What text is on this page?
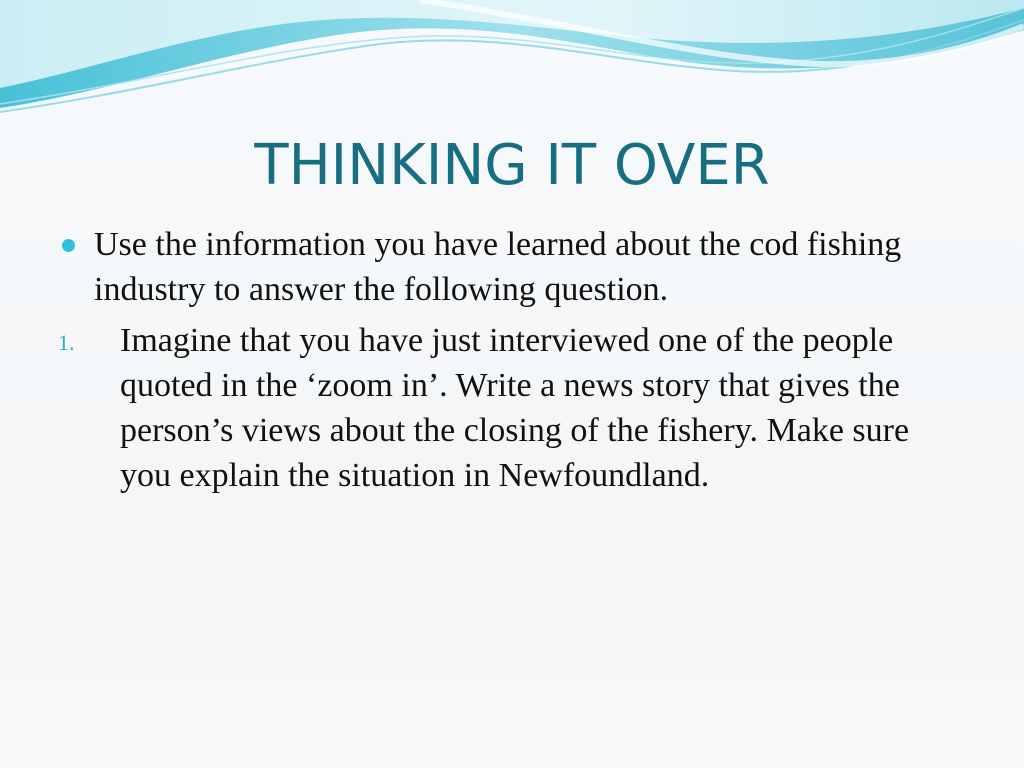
THINKING IT OVER
Use the information you have learned about the cod fishing industry to answer the following question.
1. Imagine that you have just interviewed one of the people quoted in the ‘zoom in’. Write a news story that gives the person’s views about the closing of the fishery. Make sure you explain the situation in Newfoundland.
